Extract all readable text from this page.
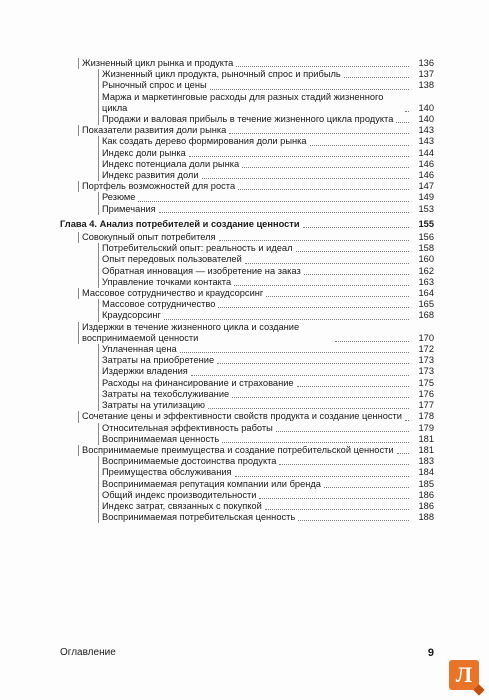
Жизненный цикл рынка и продукта	136
Жизненный цикл продукта, рыночный спрос и прибыль	137
Рыночный спрос и цены	138
Маржа и маркетинговые расходы для разных стадий жизненного цикла	140
Продажи и валовая прибыль в течение жизненного цикла продукта	140
Показатели развития доли рынка	143
Как создать дерево формирования доли рынка	143
Индекс доли рынка	144
Индекс потенциала доли рынка	146
Индекс развития доли	146
Портфель возможностей для роста	147
Резюме	149
Примечания	153
Глава 4. Анализ потребителей и создание ценности	155
Совокупный опыт потребителя	156
Потребительский опыт: реальность и идеал	158
Опыт передовых пользователей	160
Обратная инновация — изобретение на заказ	162
Управление точками контакта	163
Массовое сотрудничество и краудсорсинг	164
Массовое сотрудничество	165
Краудсорсинг	168
Издержки в течение жизненного цикла и создание воспринимаемой ценности	170
Уплаченная цена	172
Затраты на приобретение	173
Издержки владения	173
Расходы на финансирование и страхование	175
Затраты на техобслуживание	176
Затраты на утилизацию	177
Сочетание цены и эффективности свойств продукта и создание ценности	178
Относительная эффективность работы	179
Воспринимаемая ценность	181
Воспринимаемые преимущества и создание потребительской ценности	181
Воспринимаемые достоинства продукта	183
Преимущества обслуживания	184
Воспринимаемая репутация компании или бренда	185
Общий индекс производительности	186
Индекс затрат, связанных с покупкой	186
Воспринимаемая потребительская ценность	188
Оглавление	9
Л
